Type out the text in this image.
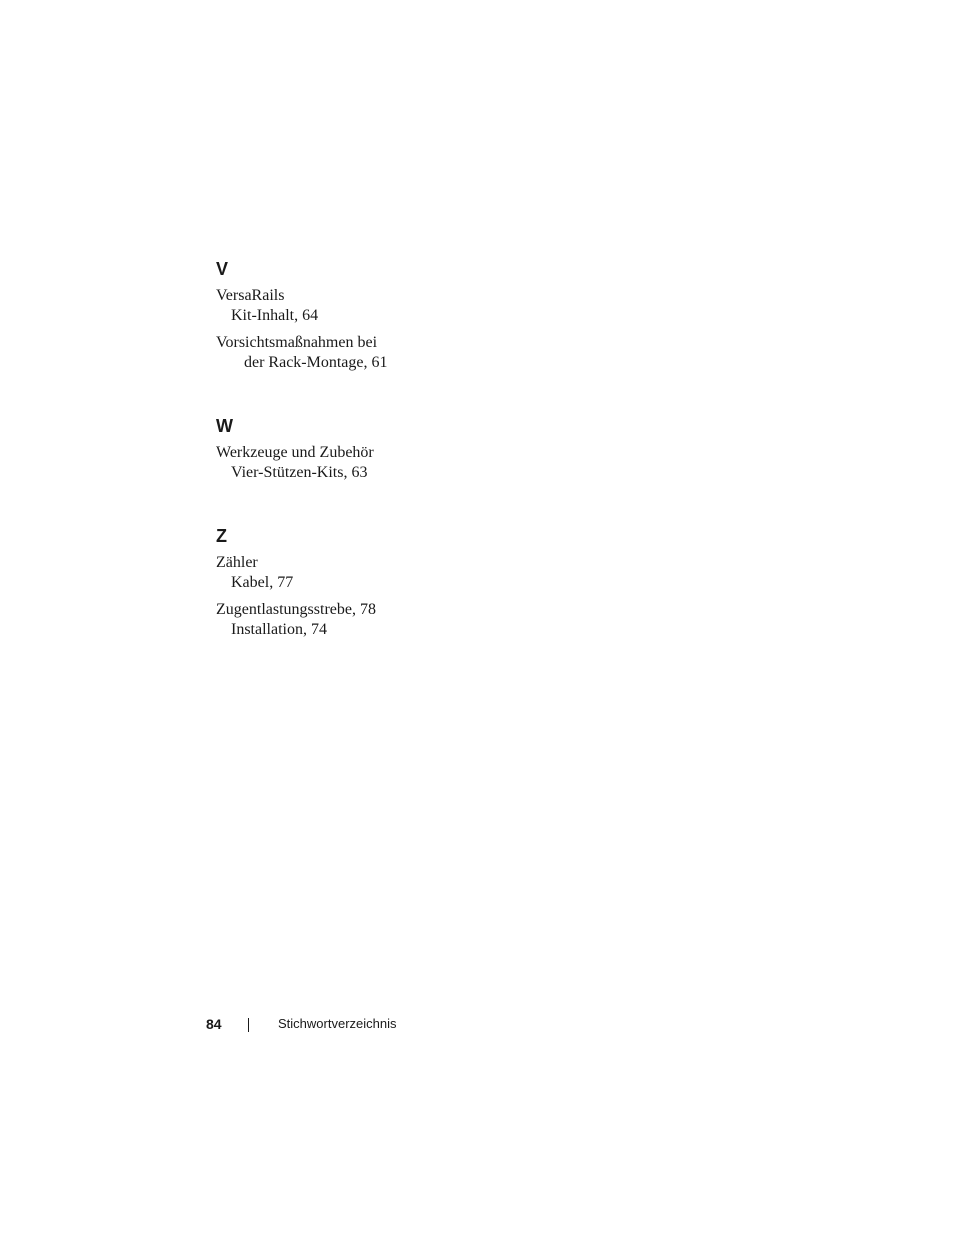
V
VersaRails
Kit-Inhalt, 64
Vorsichtsmaßnahmen bei
der Rack-Montage, 61
W
Werkzeuge und Zubehör
Vier-Stützen-Kits, 63
Z
Zähler
Kabel, 77
Zugentlastungsstrebe, 78
Installation, 74
84	Stichwortverzeichnis
